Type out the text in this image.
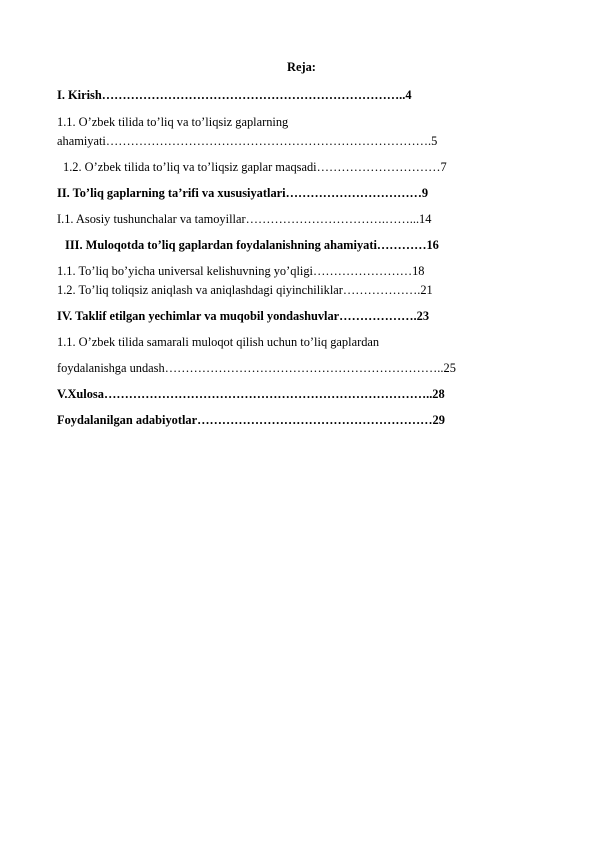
Reja:
I. Kirish………………………………………………………………..4
1.1. O’zbek tilida to’liq va to’liqsiz gaplarning
ahamiyati…………………………………………………………………….5
1.2. O’zbek tilida to’liq va to’liqsiz gaplar maqsadi…………………………7
II. To’liq gaplarning ta’rifi va xususiyatlari……………………………9
I.1. Asosiy tushunchalar va tamoyillar…………………………….……...14
III. Muloqotda to’liq gaplardan foydalanishning ahamiyati…………16
1.1. To’liq bo’yicha universal kelishuvning yo’qligi……………………18
1.2. To’liq toliqsiz aniqlash va aniqlashdagi qiyinchiliklar……………….21
IV. Taklif etilgan yechimlar va muqobil yondashuvlar……………….23
1.1. O’zbek tilida samarali muloqot qilish uchun to’liq gaplardan
foydalanishga undash…………………………………………………………..25
V.Xulosa……………………………………………………………………..28
Foydalanilgan adabiyotlar…………………………………………………29
